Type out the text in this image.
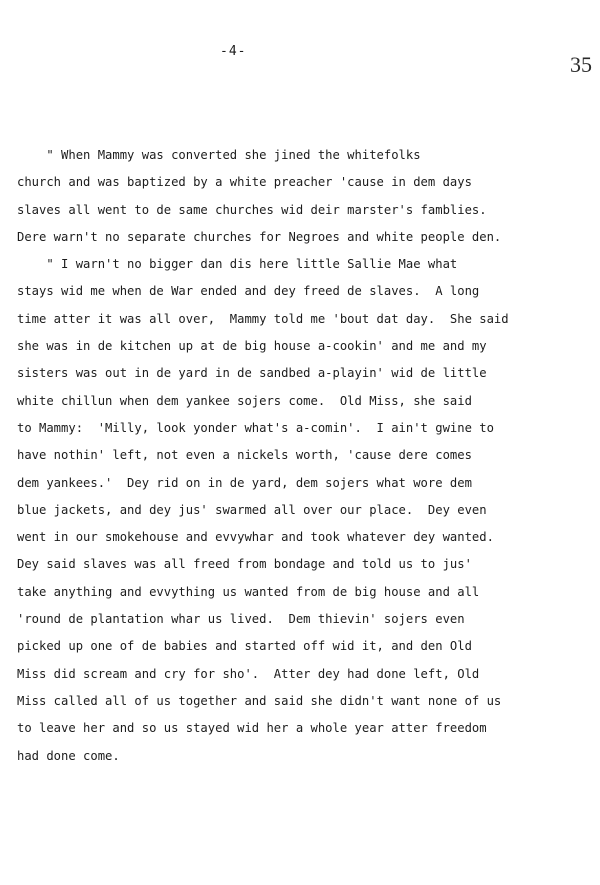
-4-
35
" When Mammy was converted she jined the whitefolks
church and was baptized by a white preacher 'cause in dem days
slaves all went to de same churches wid deir marster's famblies.
Dere warn't no separate churches for Negroes and white people den.
" I warn't no bigger dan dis here little Sallie Mae what
stays wid me when de War ended and dey freed de slaves.  A long
time atter it was all over,  Mammy told me 'bout dat day.  She said
she was in de kitchen up at de big house a-cookin' and me and my
sisters was out in de yard in de sandbed a-playin' wid de little
white chillun when dem yankee sojers come.  Old Miss, she said
to Mammy:  'Milly, look yonder what's a-comin'.  I ain't gwine to
have nothin' left, not even a nickels worth, 'cause dere comes
dem yankees.'  Dey rid on in de yard, dem sojers what wore dem
blue jackets, and dey jus' swarmed all over our place.  Dey even
went in our smokehouse and evvywhar and took whatever dey wanted.
Dey said slaves was all freed from bondage and told us to jus'
take anything and evvything us wanted from de big house and all
'round de plantation whar us lived.  Dem thievin' sojers even
picked up one of de babies and started off wid it, and den Old
Miss did scream and cry for sho'.  Atter dey had done left, Old
Miss called all of us together and said she didn't want none of us
to leave her and so us stayed wid her a whole year atter freedom
had done come.
